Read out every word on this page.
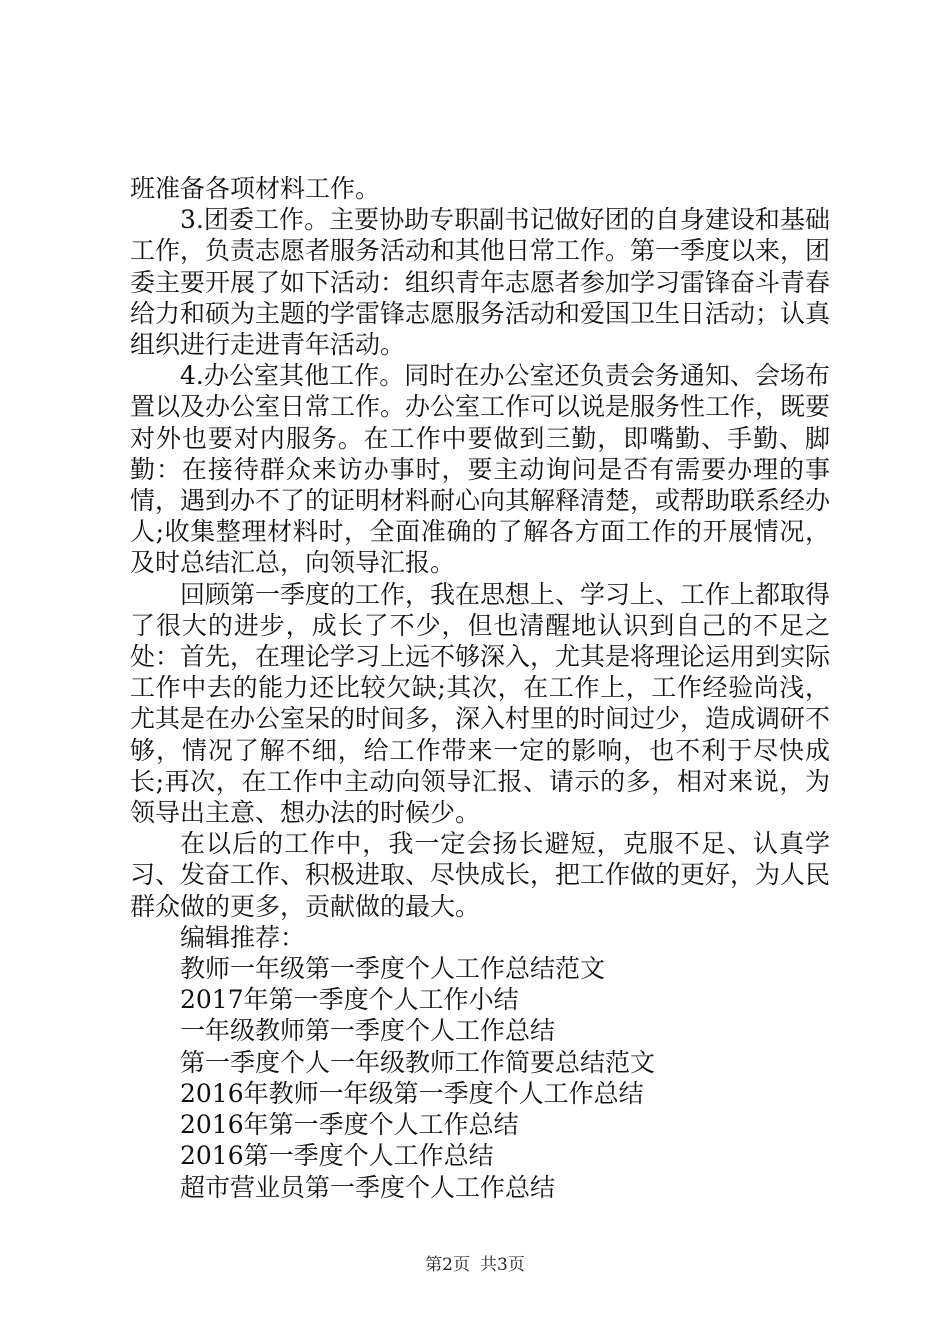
班准备各项材料工作。

3.团委工作。主要协助专职副书记做好团的自身建设和基础工作，负责志愿者服务活动和其他日常工作。第一季度以来，团委主要开展了如下活动：组织青年志愿者参加学习雷锋奋斗青春给力和硕为主题的学雷锋志愿服务活动和爱国卫生日活动；认真组织进行走进青年活动。

4.办公室其他工作。同时在办公室还负责会务通知、会场布置以及办公室日常工作。办公室工作可以说是服务性工作，既要对外也要对内服务。在工作中要做到三勤，即嘴勤、手勤、脚勤：在接待群众来访办事时，要主动询问是否有需要办理的事情，遇到办不了的证明材料耐心向其解释清楚，或帮助联系经办人;收集整理材料时，全面准确的了解各方面工作的开展情况，及时总结汇总，向领导汇报。

回顾第一季度的工作，我在思想上、学习上、工作上都取得了很大的进步，成长了不少，但也清醒地认识到自己的不足之处：首先，在理论学习上远不够深入，尤其是将理论运用到实际工作中去的能力还比较欠缺;其次，在工作上，工作经验尚浅，尤其是在办公室呆的时间多，深入村里的时间过少，造成调研不够，情况了解不细，给工作带来一定的影响，也不利于尽快成长;再次，在工作中主动向领导汇报、请示的多，相对来说，为领导出主意、想办法的时候少。

在以后的工作中，我一定会扬长避短，克服不足、认真学习、发奋工作、积极进取、尽快成长，把工作做的更好，为人民群众做的更多，贡献做的最大。

编辑推荐：

教师一年级第一季度个人工作总结范文

2017年第一季度个人工作小结

一年级教师第一季度个人工作总结

第一季度个人一年级教师工作简要总结范文

2016年教师一年级第一季度个人工作总结

2016年第一季度个人工作总结

2016第一季度个人工作总结

超市营业员第一季度个人工作总结

第2页 共3页
